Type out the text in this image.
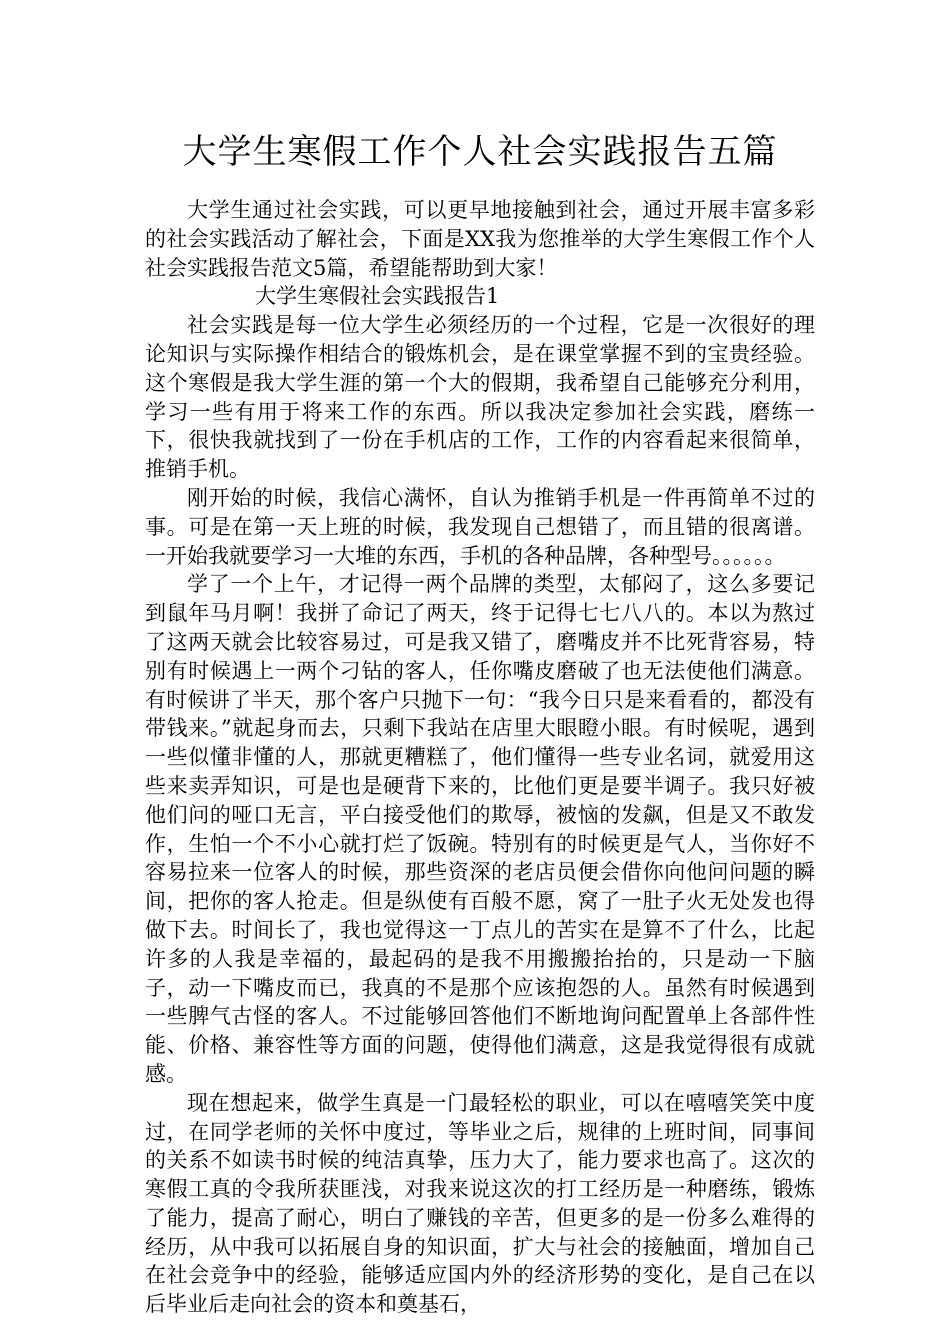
大学生寒假工作个人社会实践报告五篇

大学生通过社会实践，可以更早地接触到社会，通过开展丰富多彩的社会实践活动了解社会，下面是XX我为您推举的大学生寒假工作个人社会实践报告范文5篇，希望能帮助到大家！

大学生寒假社会实践报告1

社会实践是每一位大学生必须经历的一个过程，它是一次很好的理论知识与实际操作相结合的锻炼机会，是在课堂掌握不到的宝贵经验。这个寒假是我大学生涯的第一个大的假期，我希望自己能够充分利用，学习一些有用于将来工作的东西。所以我决定参加社会实践，磨练一下，很快我就找到了一份在手机店的工作，工作的内容看起来很简单，推销手机。

刚开始的时候，我信心满怀，自认为推销手机是一件再简单不过的事。可是在第一天上班的时候，我发现自己想错了，而且错的很离谱。一开始我就要学习一大堆的东西，手机的各种品牌，各种型号。。。。。。

学了一个上午，才记得一两个品牌的类型，太郁闷了，这么多要记到鼠年马月啊！我拼了命记了两天，终于记得七七八八的。本以为熬过了这两天就会比较容易过，可是我又错了，磨嘴皮并不比死背容易，特别有时候遇上一两个刁钻的客人，任你嘴皮磨破了也无法使他们满意。有时候讲了半天，那个客户只抛下一句：“我今日只是来看看的，都没有带钱来。”就起身而去，只剩下我站在店里大眼瞪小眼。有时候呢，遇到一些似懂非懂的人，那就更糟糕了，他们懂得一些专业名词，就爱用这些来卖弄知识，可是也是硬背下来的，比他们更是要半调子。我只好被他们问的哑口无言，平白接受他们的欺辱，被恼的发飙，但是又不敢发作，生怕一个不小心就打烂了饭碗。特别有的时候更是气人，当你好不容易拉来一位客人的时候，那些资深的老店员便会借你向他问问题的瞬间，把你的客人抢走。但是纵使有百般不愿，窝了一肚子火无处发也得做下去。时间长了，我也觉得这一丁点儿的苦实在是算不了什么，比起许多的人我是幸福的，最起码的是我不用搬搬抬抬的，只是动一下脑子，动一下嘴皮而已，我真的不是那个应该抱怨的人。虽然有时候遇到一些脾气古怪的客人。不过能够回答他们不断地询问配置单上各部件性能、价格、兼容性等方面的问题，使得他们满意，这是我觉得很有成就感。

现在想起来，做学生真是一门最轻松的职业，可以在嘻嘻笑笑中度过，在同学老师的关怀中度过，等毕业之后，规律的上班时间，同事间的关系不如读书时候的纯洁真挚，压力大了，能力要求也高了。这次的寒假工真的令我所获匪浅，对我来说这次的打工经历是一种磨练，锻炼了能力，提高了耐心，明白了赚钱的辛苦，但更多的是一份多么难得的经历，从中我可以拓展自身的知识面，扩大与社会的接触面，增加自己在社会竞争中的经验，能够适应国内外的经济形势的变化，是自己在以后毕业后走向社会的资本和奠基石，
